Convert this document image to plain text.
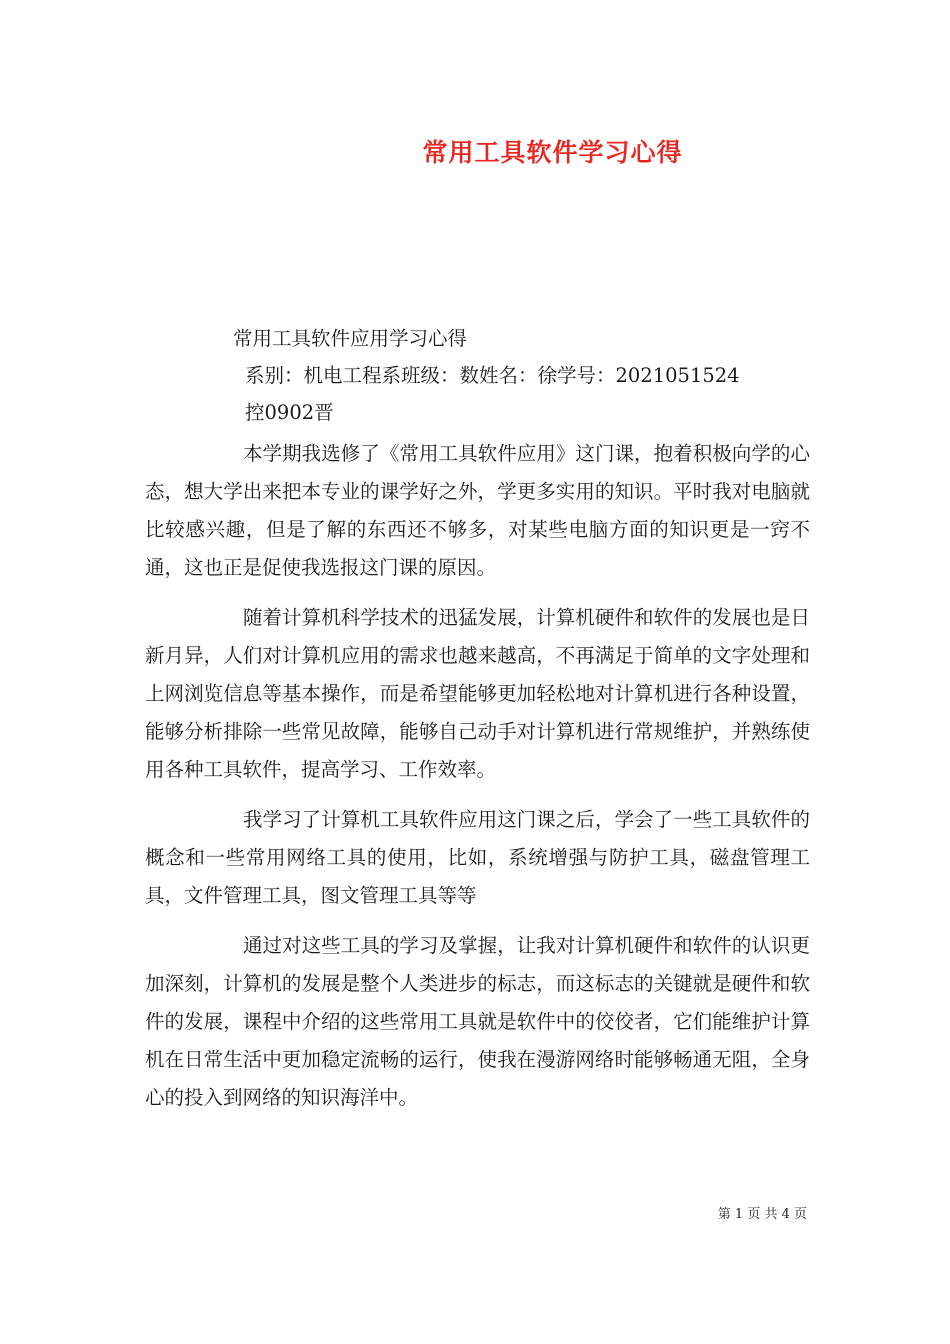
常用工具软件学习心得

常用工具软件应用学习心得

系别：机电工程系班级：数姓名：徐学号：2021051524

控0902晋

本学期我选修了《常用工具软件应用》这门课，抱着积极向学的心态，想大学出来把本专业的课学好之外，学更多实用的知识。平时我对电脑就比较感兴趣，但是了解的东西还不够多，对某些电脑方面的知识更是一窍不通，这也正是促使我选报这门课的原因。

随着计算机科学技术的迅猛发展，计算机硬件和软件的发展也是日新月异，人们对计算机应用的需求也越来越高，不再满足于简单的文字处理和上网浏览信息等基本操作，而是希望能够更加轻松地对计算机进行各种设置，能够分析排除一些常见故障，能够自己动手对计算机进行常规维护，并熟练使用各种工具软件，提高学习、工作效率。

我学习了计算机工具软件应用这门课之后，学会了一些工具软件的概念和一些常用网络工具的使用，比如，系统增强与防护工具，磁盘管理工具，文件管理工具，图文管理工具等等

通过对这些工具的学习及掌握，让我对计算机硬件和软件的认识更加深刻，计算机的发展是整个人类进步的标志，而这标志的关键就是硬件和软件的发展，课程中介绍的这些常用工具就是软件中的佼佼者，它们能维护计算机在日常生活中更加稳定流畅的运行，使我在漫游网络时能够畅通无阻，全身心的投入到网络的知识海洋中。

第 1 页 共 4 页
